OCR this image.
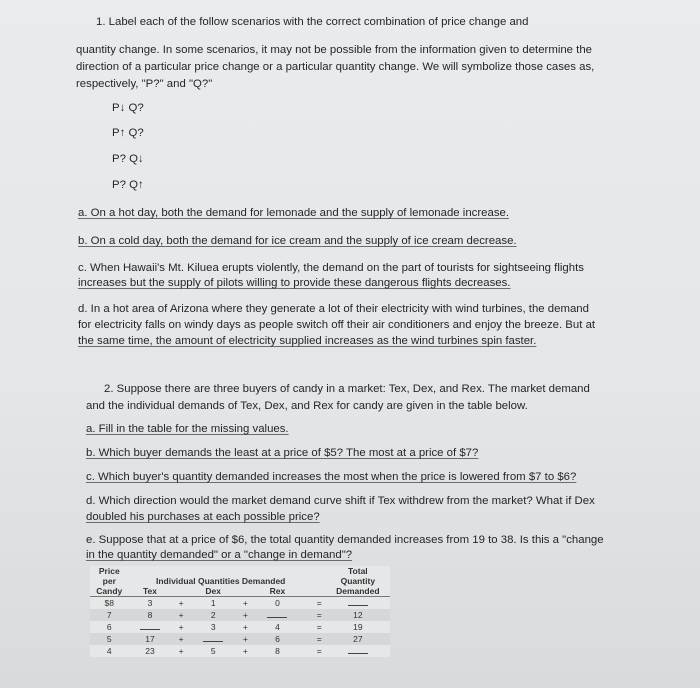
1. Label each of the follow scenarios with the correct combination of price change and
quantity change. In some scenarios, it may not be possible from the information given to determine the
direction of a particular price change or a particular quantity change. We will symbolize those cases as,
respectively, "P?" and "Q?"
P↓ Q?
P↑ Q?
P? Q↓
P? Q↑
a. On a hot day, both the demand for lemonade and the supply of lemonade increase.
b. On a cold day, both the demand for ice cream and the supply of ice cream decrease.
c. When Hawaii's Mt. Kiluea erupts violently, the demand on the part of tourists for sightseeing flights
increases but the supply of pilots willing to provide these dangerous flights decreases.
d. In a hot area of Arizona where they generate a lot of their electricity with wind turbines, the demand
for electricity falls on windy days as people switch off their air conditioners and enjoy the breeze. But at
the same time, the amount of electricity supplied increases as the wind turbines spin faster.
2. Suppose there are three buyers of candy in a market: Tex, Dex, and Rex. The market demand
and the individual demands of Tex, Dex, and Rex for candy are given in the table below.
a. Fill in the table for the missing values.
b. Which buyer demands the least at a price of $5? The most at a price of $7?
c. Which buyer's quantity demanded increases the most when the price is lowered from $7 to $6?
d. Which direction would the market demand curve shift if Tex withdrew from the market? What if Dex
doubled his purchases at each possible price?
e. Suppose that at a price of $6, the total quantity demanded increases from 19 to 38. Is this a "change
in the quantity demanded" or a "change in demand"?
Price	Individual Quantities Demanded								Total
per									Quantity
Candy	Tex		Dex		Rex				Demanded
$8	3	+	1	+	0			=	
7	8	+	2	+				=	12
6		+	3	+	4			=	19
5	17	+		+	6			=	27
4	23	+	5	+	8			=	
